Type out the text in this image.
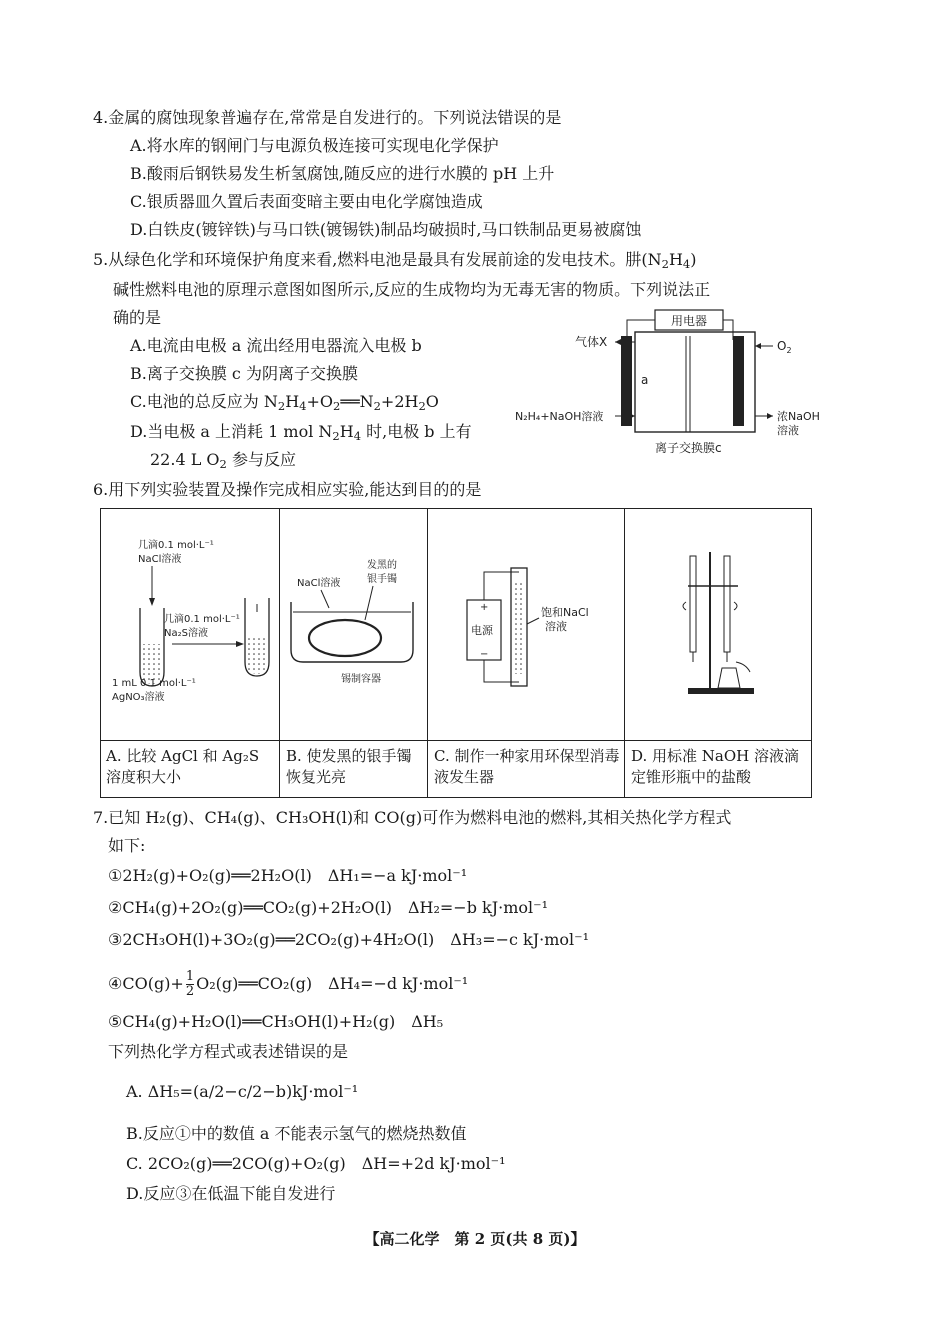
4.金属的腐蚀现象普遍存在,常常是自发进行的。下列说法错误的是
A.将水库的钢闸门与电源负极连接可实现电化学保护
B.酸雨后钢铁易发生析氢腐蚀,随反应的进行水膜的 pH 上升
C.银质器皿久置后表面变暗主要由电化学腐蚀造成
D.白铁皮(镀锌铁)与马口铁(镀锡铁)制品均破损时,马口铁制品更易被腐蚀
5.从绿色化学和环境保护角度来看,燃料电池是最具有发展前途的发电技术。肼$(N_2H_4)$
碱性燃料电池的原理示意图如图所示,反应的生成物均为无毒无害的物质。下列说法正
确的是
A.电流由电极 a 流出经用电器流入电极 b
B.离子交换膜 c 为阴离子交换膜
C.电池的总反应为 $N_2H_4+O_2══N_2+2H_2O$
D.当电极 a 上消耗 1 mol $N_2H_4$ 时,电极 b 上有
22.4 L $O_2$ 参与反应
用电器
a	b
气体X	$O_2$
N₂H₄+NaOH溶液	浓NaOH
溶液
离子交换膜c
6.用下列实验装置及操作完成相应实验,能达到目的的是
几滴0.1 mol·L⁻¹
NaCl溶液
几滴0.1 mol·L⁻¹
Na₂S溶液
1 mL 0.1 mol·L⁻¹
AgNO₃溶液
发黑的
银手镯
NaCl溶液
锡制容器
电源
+
−
饱和NaCl
溶液
A. 比较 AgCl 和 Ag₂S 溶度积大小
B. 使发黑的银手镯恢复光亮
C. 制作一种家用环保型消毒液发生器
D. 用标准 NaOH 溶液滴定锥形瓶中的盐酸
7.已知 H₂(g)、CH₄(g)、CH₃OH(l)和 CO(g)可作为燃料电池的燃料,其相关热化学方程式
如下:
①2H₂(g)+O₂(g)══2H₂O(l)　ΔH₁=−a kJ·mol⁻¹
②CH₄(g)+2O₂(g)══CO₂(g)+2H₂O(l)　ΔH₂=−b kJ·mol⁻¹
③2CH₃OH(l)+3O₂(g)══2CO₂(g)+4H₂O(l)　ΔH₃=−c kJ·mol⁻¹
④CO(g)+ $\frac{1}{2}$ O₂(g)══CO₂(g)　ΔH₄=−d kJ·mol⁻¹
⑤CH₄(g)+H₂O(l)══CH₃OH(l)+H₂(g)　ΔH₅
下列热化学方程式或表述错误的是
A. ΔH₅=(a/2−c/2−b)kJ·mol⁻¹
B.反应①中的数值 a 不能表示氢气的燃烧热数值
C. 2CO₂(g)══2CO(g)+O₂(g)　ΔH=+2d kJ·mol⁻¹
D.反应③在低温下能自发进行
【高二化学　第 2 页(共 8 页)】
